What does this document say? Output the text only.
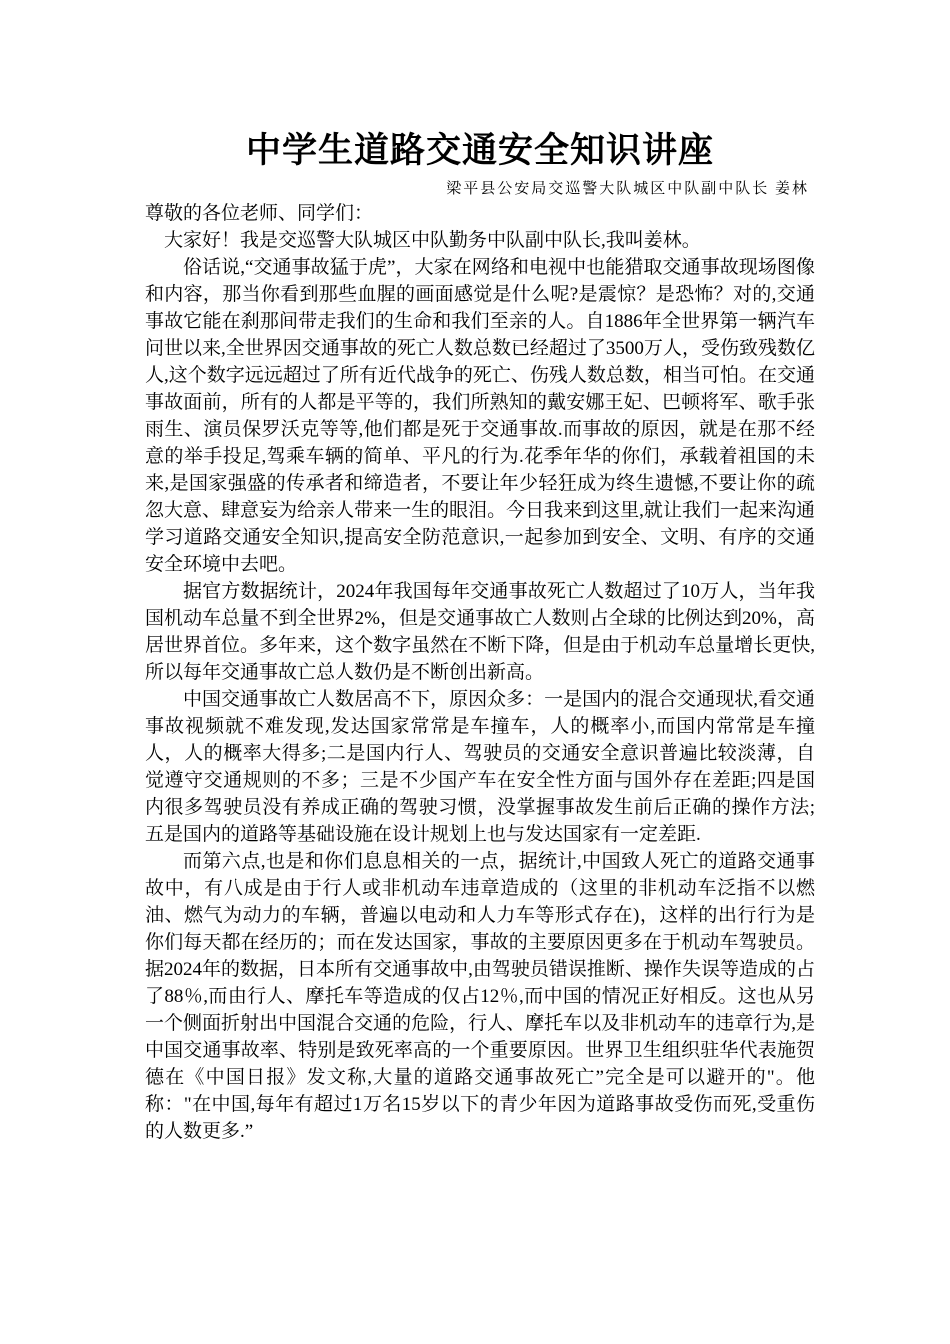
中学生道路交通安全知识讲座

梁平县公安局交巡警大队城区中队副中队长 姜林

尊敬的各位老师、同学们：

大家好！我是交巡警大队城区中队勤务中队副中队长,我叫姜林。

俗话说,“交通事故猛于虎”，大家在网络和电视中也能猎取交通事故现场图像和内容，那当你看到那些血腥的画面感觉是什么呢?是震惊？是恐怖？对的,交通事故它能在刹那间带走我们的生命和我们至亲的人。自1886年全世界第一辆汽车问世以来,全世界因交通事故的死亡人数总数已经超过了3500万人，受伤致残数亿人,这个数字远远超过了所有近代战争的死亡、伤残人数总数，相当可怕。在交通事故面前，所有的人都是平等的，我们所熟知的戴安娜王妃、巴顿将军、歌手张雨生、演员保罗沃克等等,他们都是死于交通事故.而事故的原因，就是在那不经意的举手投足,驾乘车辆的简单、平凡的行为.花季年华的你们，承载着祖国的未来,是国家强盛的传承者和缔造者，不要让年少轻狂成为终生遗憾,不要让你的疏忽大意、肆意妄为给亲人带来一生的眼泪。今日我来到这里,就让我们一起来沟通学习道路交通安全知识,提高安全防范意识,一起参加到安全、文明、有序的交通安全环境中去吧。

据官方数据统计，2024年我国每年交通事故死亡人数超过了10万人，当年我国机动车总量不到全世界2%，但是交通事故亡人数则占全球的比例达到20%，高居世界首位。多年来，这个数字虽然在不断下降，但是由于机动车总量增长更快,所以每年交通事故亡总人数仍是不断创出新高。

中国交通事故亡人数居高不下，原因众多：一是国内的混合交通现状,看交通事故视频就不难发现,发达国家常常是车撞车，人的概率小,而国内常常是车撞人，人的概率大得多;二是国内行人、驾驶员的交通安全意识普遍比较淡薄，自觉遵守交通规则的不多；三是不少国产车在安全性方面与国外存在差距;四是国内很多驾驶员没有养成正确的驾驶习惯，没掌握事故发生前后正确的操作方法;五是国内的道路等基础设施在设计规划上也与发达国家有一定差距.

而第六点,也是和你们息息相关的一点，据统计,中国致人死亡的道路交通事故中，有八成是由于行人或非机动车违章造成的（这里的非机动车泛指不以燃油、燃气为动力的车辆，普遍以电动和人力车等形式存在)，这样的出行行为是你们每天都在经历的；而在发达国家，事故的主要原因更多在于机动车驾驶员。据2024年的数据，日本所有交通事故中,由驾驶员错误推断、操作失误等造成的占了88％,而由行人、摩托车等造成的仅占12％,而中国的情况正好相反。这也从另一个侧面折射出中国混合交通的危险，行人、摩托车以及非机动车的违章行为,是中国交通事故率、特别是致死率高的一个重要原因。世界卫生组织驻华代表施贺德在《中国日报》发文称,大量的道路交通事故死亡”完全是可以避开的"。他称："在中国,每年有超过1万名15岁以下的青少年因为道路事故受伤而死,受重伤的人数更多.”
